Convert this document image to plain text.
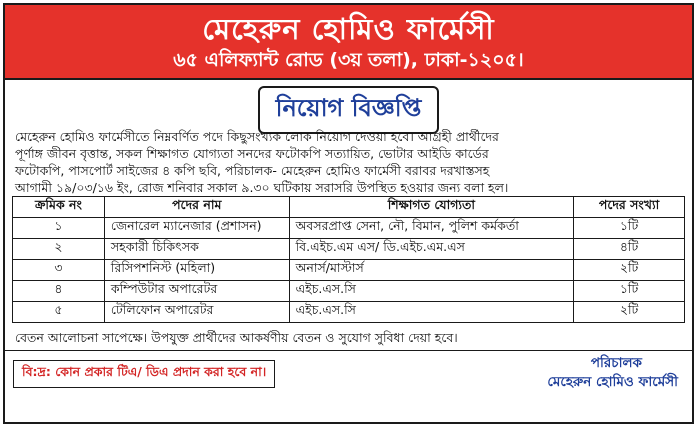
মেহেরুন হোমিও ফার্মেসী
৬৫ এলিফ্যান্ট রোড (৩য় তলা), ঢাকা-১২০৫।
নিয়োগ বিজ্ঞপ্তি
মেহেরুন হোমিও ফার্মেসীতে নিম্নবর্ণিত পদে কিছুসংখ্যক লোক নিয়োগ দেওয়া হবে। আগ্রহী প্রার্থীদের
পূর্ণাঙ্গ জীবন বৃত্তান্ত, সকল শিক্ষাগত যোগ্যতা সনদের ফটোকপি সত্যায়িত, ভোটার আইডি কার্ডের
ফটোকপি, পাসপোর্ট সাইজের ৪ কপি ছবি, পরিচালক- মেহেরুন হোমিও ফার্মেসী বরাবর দরখাস্তসহ
আগামী ১৯/০৩/১৬ ইং, রোজ শনিবার সকাল ৯.৩০ ঘটিকায় সরাসরি উপস্থিত হওয়ার জন্য বলা হল।
ক্রমিক নং	পদের নাম	শিক্ষাগত যোগ্যতা	পদের সংখ্যা
১	জেনারেল ম্যানেজার (প্রশাসন)	অবসরপ্রাপ্ত সেনা, নৌ, বিমান, পুলিশ কর্মকর্তা	১টি
২	সহকারী চিকিৎসক	বি.এইচ.এম এস/ ডি.এইচ.এম.এস	৪টি
৩	রিসিপশনিস্ট (মহিলা)	অনার্স/মাস্টার্স	২টি
৪	কম্পিউটার অপারেটর	এইচ.এস.সি	১টি
৫	টেলিফোন অপারেটর	এইচ.এস.সি	২টি
বেতন আলোচনা সাপেক্ষে। উপযুক্ত প্রার্থীদের আকর্ষণীয় বেতন ও সুযোগ সুবিধা দেয়া হবে।
বি:দ্র: কোন প্রকার টিএ/ ডিএ প্রদান করা হবে না।
পরিচালক
মেহেরুন হোমিও ফার্মেসী
